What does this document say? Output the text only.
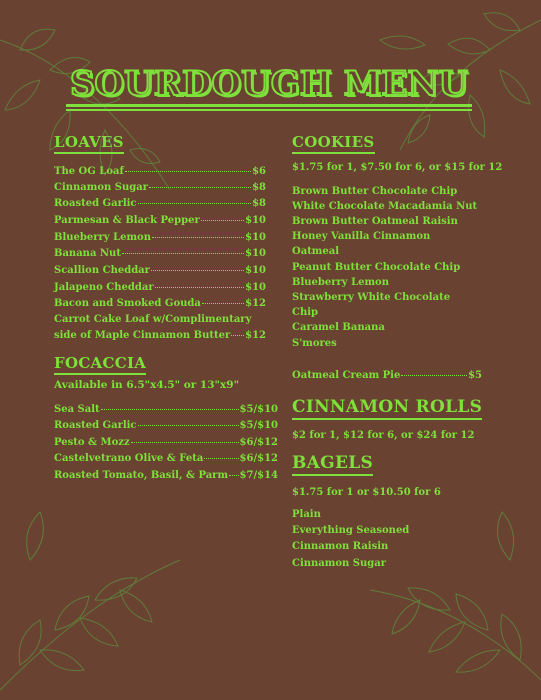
SOURDOUGH MENU
LOAVES
The OG Loaf	$6
Cinnamon Sugar	$8
Roasted Garlic	$8
Parmesan & Black Pepper	$10
Blueberry Lemon	$10
Banana Nut	$10
Scallion Cheddar	$10
Jalapeno Cheddar	$10
Bacon and Smoked Gouda	$12
Carrot Cake Loaf w/Complimentary
side of Maple Cinnamon Butter $12
FOCACCIA
Available in 6.5"x4.5" or 13"x9"
Sea Salt	$5/$10
Roasted Garlic	$5/$10
Pesto & Mozz	$6/$12
Castelvetrano Olive & Feta	$6/$12
Roasted Tomato, Basil, & Parm $7/$14
COOKIES
$1.75 for 1, $7.50 for 6, or $15 for 12
Brown Butter Chocolate Chip
White Chocolate Macadamia Nut
Brown Butter Oatmeal Raisin
Honey Vanilla Cinnamon
Oatmeal
Peanut Butter Chocolate Chip
Blueberry Lemon
Strawberry White Chocolate
Chip
Caramel Banana
S'mores
Oatmeal Cream Pie	$5
CINNAMON ROLLS
$2 for 1, $12 for 6, or $24 for 12
BAGELS
$1.75 for 1 or $10.50 for 6
Plain
Everything Seasoned
Cinnamon Raisin
Cinnamon Sugar
